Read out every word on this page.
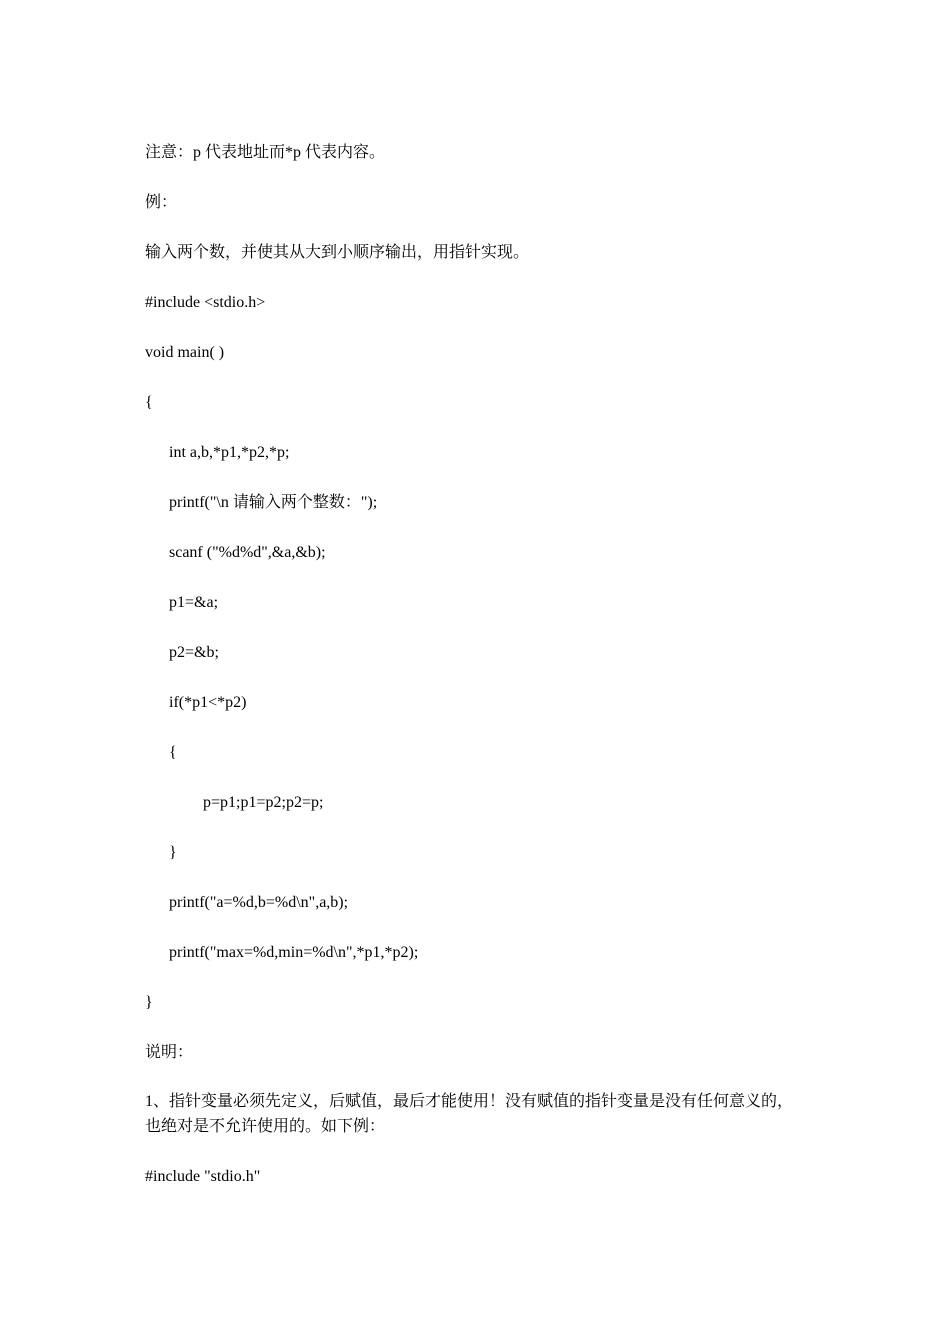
注意：p 代表地址而*p 代表内容。
例：
输入两个数，并使其从大到小顺序输出，用指针实现。
#include <stdio.h>
void main( )
{
int a,b,*p1,*p2,*p;
printf("\n 请输入两个整数：");
scanf ("%d%d",&a,&b);
p1=&a;
p2=&b;
if(*p1<*p2)
{
p=p1;p1=p2;p2=p;
}
printf("a=%d,b=%d\n",a,b);
printf("max=%d,min=%d\n",*p1,*p2);
}
说明：
1、指针变量必须先定义，后赋值，最后才能使用！没有赋值的指针变量是没有任何意义的，
也绝对是不允许使用的。如下例：
#include "stdio.h"
